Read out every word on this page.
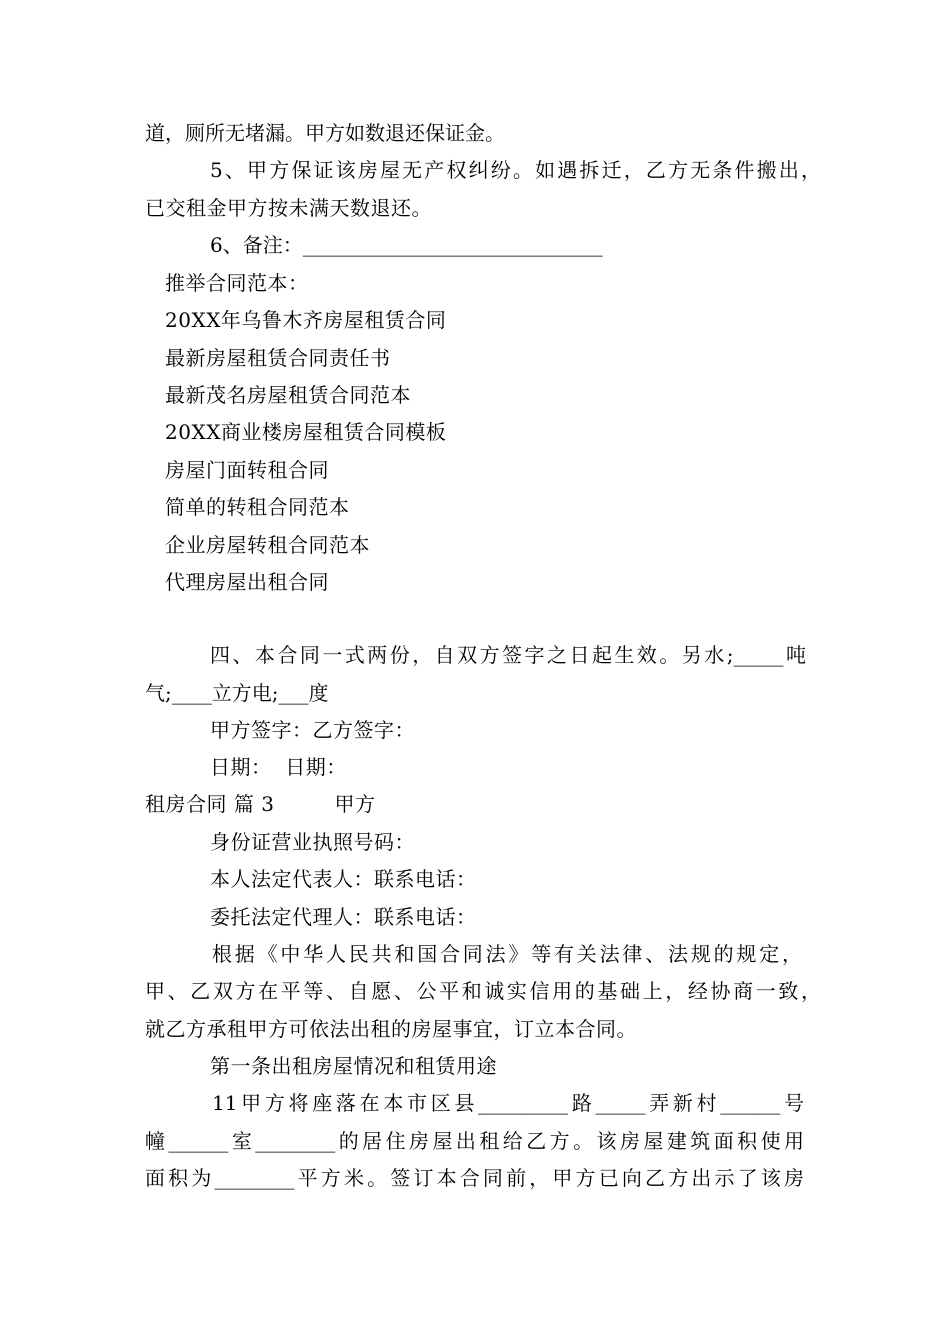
道，厕所无堵漏。甲方如数退还保证金。
5、甲方保证该房屋无产权纠纷。如遇拆迁，乙方无条件搬出，
已交租金甲方按未满天数退还。
6、备注：______________________________
推举合同范本：
20XX年乌鲁木齐房屋租赁合同
最新房屋租赁合同责任书
最新茂名房屋租赁合同范本
20XX商业楼房屋租赁合同模板
房屋门面转租合同
简单的转租合同范本
企业房屋转租合同范本
代理房屋出租合同
四、本合同一式两份，自双方签字之日起生效。另水;_____吨
气;____立方电;___度
甲方签字：乙方签字：
日期：  日期：
租房合同 篇 3	甲方
身份证营业执照号码：
本人法定代表人：联系电话：
委托法定代理人：联系电话：
根据《中华人民共和国合同法》等有关法律、法规的规定，
甲、乙双方在平等、自愿、公平和诚实信用的基础上，经协商一致，
就乙方承租甲方可依法出租的房屋事宜，订立本合同。
第一条出租房屋情况和租赁用途
11甲方将座落在本市区县_________路_____弄新村______号
幢______室________的居住房屋出租给乙方。该房屋建筑面积使用
面积为________平方米。签订本合同前，甲方已向乙方出示了该房
